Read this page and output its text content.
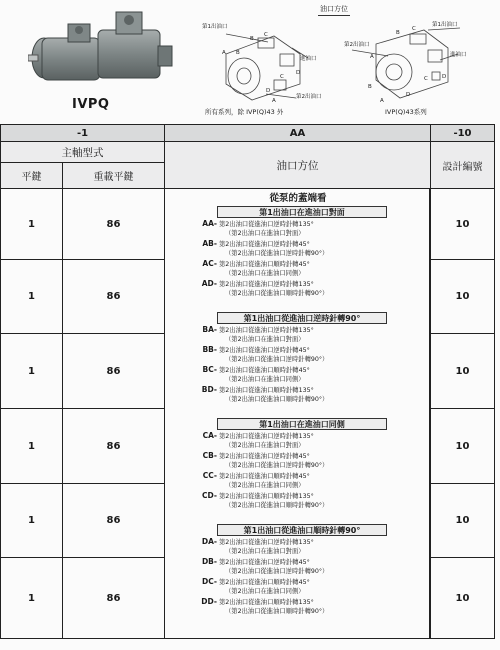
IVPQ
油口方位
第1出油口
進油口
第2出油口
C
B
A
D
A
C
B
D
所有系列，除 IVP(Q)43 外
第2出油口
第1出油口
進油口
C
B
A
D
A
B
C
D
IVP(Q)43系列
-1	AA	-10
主軸型式
平鍵	重載平鍵
油口方位	設計編號
1	86	10
1	86	10
1	86	10
1	86	10
1	86	10
1	86	10
從泵的蓋端看
第1出油口在進油口對面
AA- 第2出油口從進油口逆時針轉135°
（第2出油口在進油口對面）
AB- 第2出油口從進油口逆時針轉45°
（第2出油口從進油口逆時針轉90°）
AC- 第2出油口從進油口順時針轉45°
（第2出油口在進油口同側）
AD- 第2出油口從進油口逆時針轉135°
（第2出油口從進油口順時針轉90°）
第1出油口從進油口逆時針轉90°
BA- 第2出油口從進油口逆時針轉135°
（第2出油口在進油口對面）
BB- 第2出油口從進油口逆時針轉45°
（第2出油口從進油口逆時針轉90°）
BC- 第2出油口從進油口順時針轉45°
（第2出油口在進油口同側）
BD- 第2出油口從進油口順時針轉135°
（第2出油口從進油口順時針轉90°）
第1出油口在進油口同側
CA- 第2出油口從進油口逆時針轉135°
（第2出油口在進油口對面）
CB- 第2出油口從進油口逆時針轉45°
（第2出油口從進油口逆時針轉90°）
CC- 第2出油口從進油口順時針轉45°
（第2出油口在進油口同側）
CD- 第2出油口從進油口順時針轉135°
（第2出油口從進油口順時針轉90°）
第1出油口從進油口順時針轉90°
DA- 第2出油口從進油口逆時針轉135°
（第2出油口在進油口對面）
DB- 第2出油口從進油口逆時針轉45°
（第2出油口從進油口逆時針轉90°）
DC- 第2出油口從進油口順時針轉45°
（第2出油口在進油口同側）
DD- 第2出油口從進油口順時針轉135°
（第2出油口從進油口順時針轉90°）
